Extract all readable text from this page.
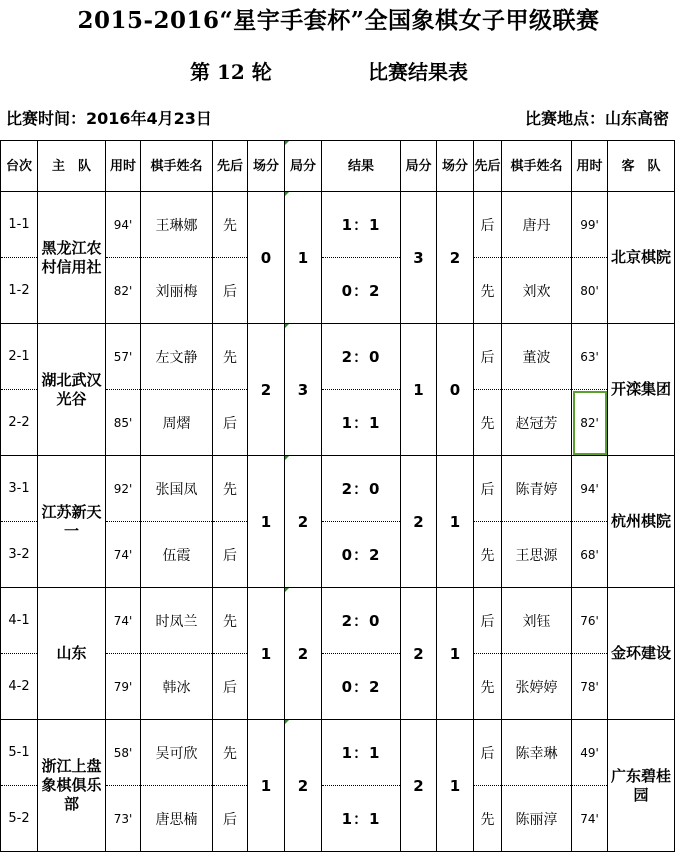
2015-2016“星宇手套杯”全国象棋女子甲级联赛
第 12 轮	比赛结果表
比赛时间：2016年4月23日	比赛地点：山东高密
台次	主　队	用时	棋手姓名	先后	场分	局分	结果	局分	场分	先后	棋手姓名	用时	客　队
1-1	黑龙江农村信用社	94'	王琳娜	先	0	1	1：1	3	2	后	唐丹	99'	北京棋院
1-2		82'	刘丽梅	后			0：2			先	刘欢	80'	
2-1	湖北武汉光谷	57'	左文静	先	2	3	2：0	1	0	后	董波	63'	开滦集团
2-2		85'	周熠	后			1：1			先	赵冠芳	82'	
3-1	江苏新天一	92'	张国凤	先	1	2	2：0	2	1	后	陈青婷	94'	杭州棋院
3-2		74'	伍霞	后			0：2			先	王思源	68'	
4-1	山东	74'	时凤兰	先	1	2	2：0	2	1	后	刘钰	76'	金环建设
4-2		79'	韩冰	后			0：2			先	张婷婷	78'	
5-1	浙江上盘象棋俱乐部	58'	吴可欣	先	1	2	1：1	2	1	后	陈幸琳	49'	广东碧桂园
5-2		73'	唐思楠	后			1：1			先	陈丽淳	74'	
